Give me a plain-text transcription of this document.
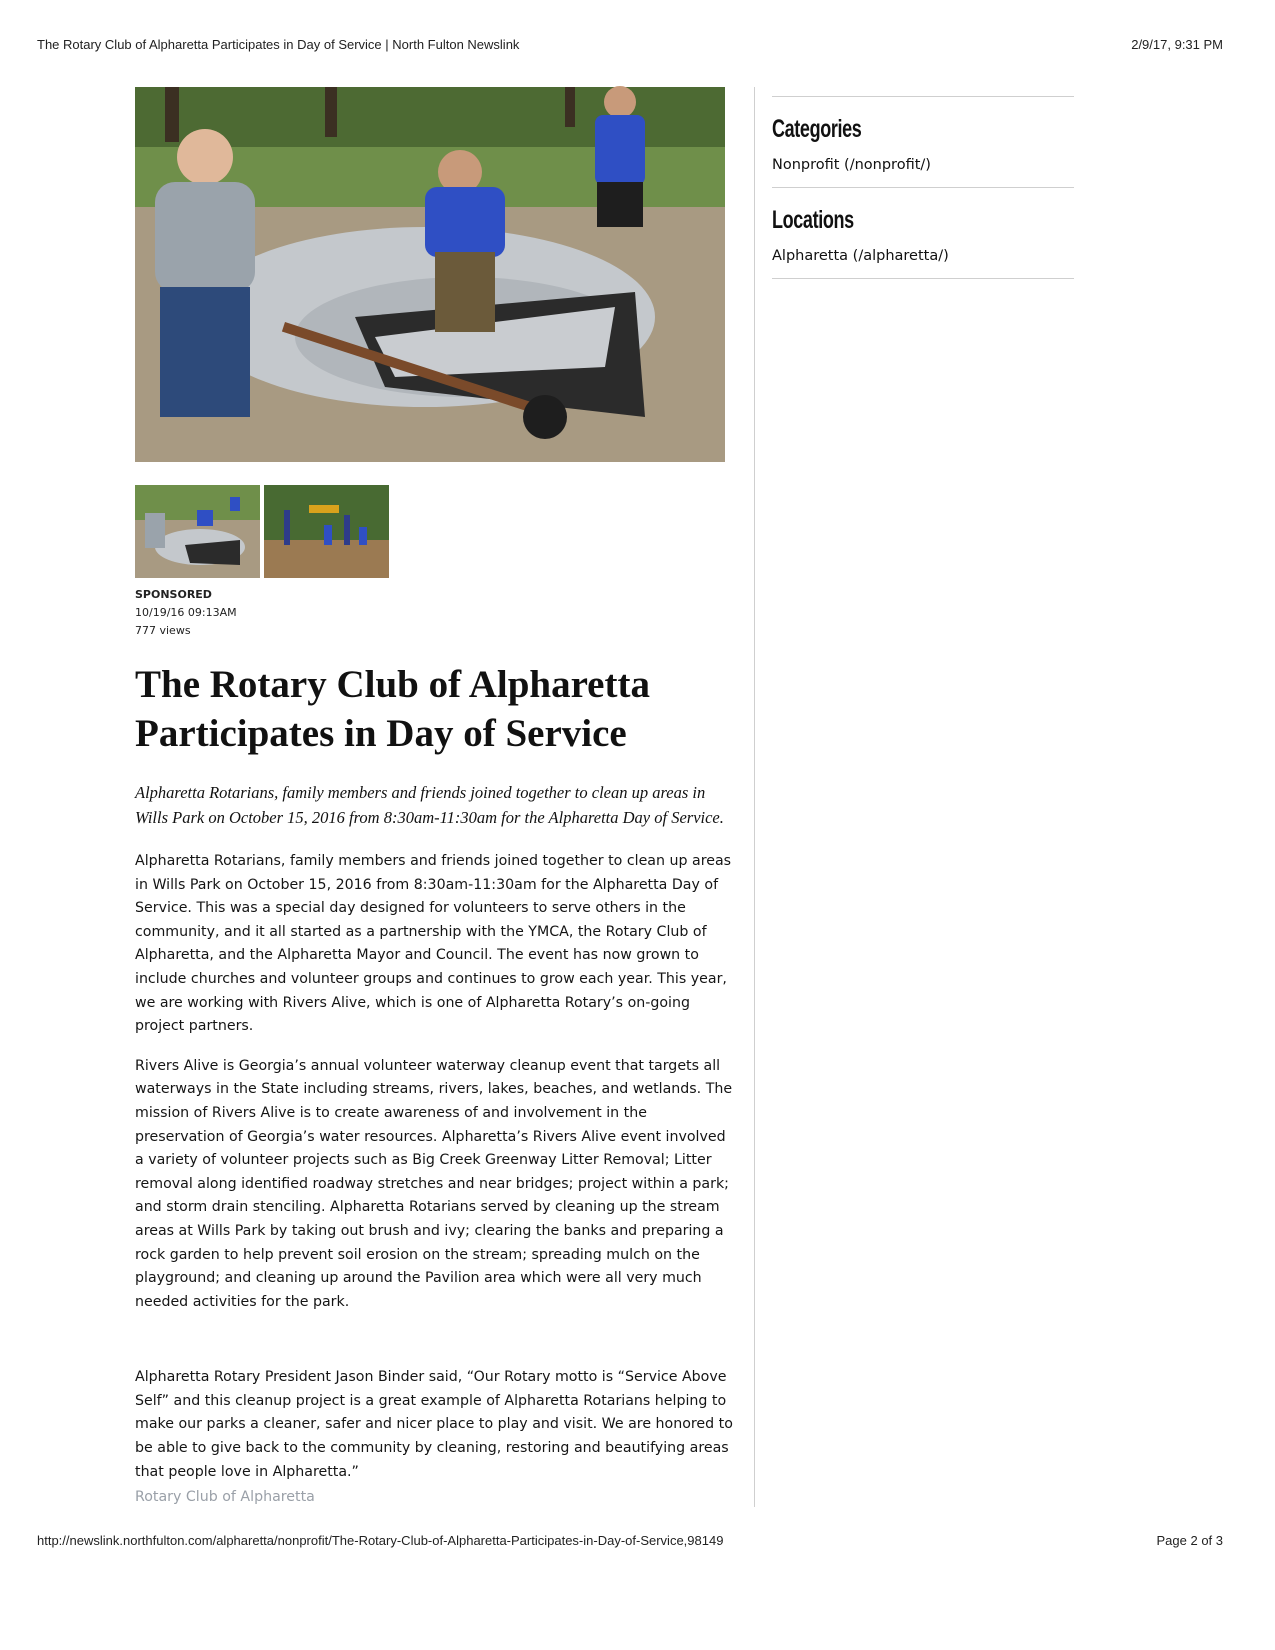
The Rotary Club of Alpharetta Participates in Day of Service | North Fulton Newslink	2/9/17, 9:31 PM
SPONSORED
10/19/16 09:13AM
777 views
The Rotary Club of Alpharetta Participates in Day of Service

Alpharetta Rotarians, family members and friends joined together to clean up areas in Wills Park on October 15, 2016 from 8:30am-11:30am for the Alpharetta Day of Service.

Alpharetta Rotarians, family members and friends joined together to clean up areas in Wills Park on October 15, 2016 from 8:30am-11:30am for the Alpharetta Day of Service. This was a special day designed for volunteers to serve others in the community, and it all started as a partnership with the YMCA, the Rotary Club of Alpharetta, and the Alpharetta Mayor and Council. The event has now grown to include churches and volunteer groups and continues to grow each year. This year, we are working with Rivers Alive, which is one of Alpharetta Rotary’s on-going project partners.

Rivers Alive is Georgia’s annual volunteer waterway cleanup event that targets all waterways in the State including streams, rivers, lakes, beaches, and wetlands. The mission of Rivers Alive is to create awareness of and involvement in the preservation of Georgia’s water resources. Alpharetta’s Rivers Alive event involved a variety of volunteer projects such as Big Creek Greenway Litter Removal; Litter removal along identified roadway stretches and near bridges; project within a park; and storm drain stenciling. Alpharetta Rotarians served by cleaning up the stream areas at Wills Park by taking out brush and ivy; clearing the banks and preparing a rock garden to help prevent soil erosion on the stream; spreading mulch on the playground; and cleaning up around the Pavilion area which were all very much needed activities for the park.

Alpharetta Rotary President Jason Binder said, “Our Rotary motto is “Service Above Self” and this cleanup project is a great example of Alpharetta Rotarians helping to make our parks a cleaner, safer and nicer place to play and visit. We are honored to be able to give back to the community by cleaning, restoring and beautifying areas that people love in Alpharetta.”

Rotary Club of Alpharetta
Categories
Nonprofit (/nonprofit/)
Locations
Alpharetta (/alpharetta/)
http://newslink.northfulton.com/alpharetta/nonprofit/The-Rotary-Club-of-Alpharetta-Participates-in-Day-of-Service,98149	Page 2 of 3
